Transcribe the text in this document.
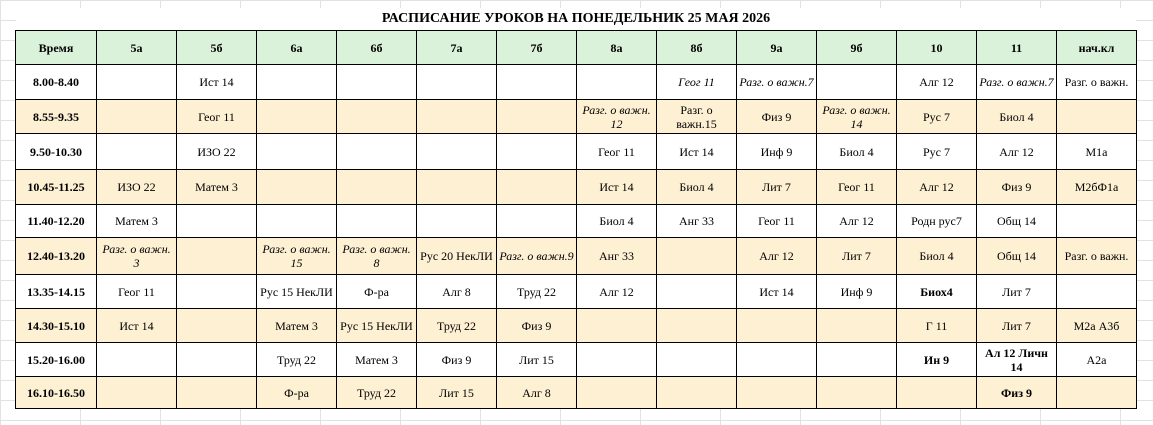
РАСПИСАНИЕ УРОКОВ НА ПОНЕДЕЛЬНИК 25 МАЯ 2026
Время	5а	5б	6а	6б	7а	7б	8а	8б	9а	9б	10	11	нач.кл
8.00-8.40		Ист 14						Геог 11	Разг. о важн.7		Алг 12	Разг. о важн.7	Разг. о важн.
8.55-9.35		Геог 11					Разг. о важн. 12	Разг. о важн.15	Физ 9	Разг. о важн. 14	Рус 7	Биол 4	
9.50-10.30		ИЗО 22					Геог 11	Ист 14	Инф 9	Биол 4	Рус 7	Алг 12	М1а
10.45-11.25	ИЗО 22	Матем 3					Ист 14	Биол 4	Лит 7	Геог 11	Алг 12	Физ 9	М2бФ1а
11.40-12.20	Матем 3						Биол 4	Анг 33	Геог 11	Алг 12	Родн рус7	Общ 14	
12.40-13.20	Разг. о важн. 3		Разг. о важн. 15	Разг. о важн. 8	Рус 20 НекЛИ	Разг. о важн.9	Анг 33		Алг 12	Лит 7	Биол 4	Общ 14	Разг. о важн.
13.35-14.15	Геог 11		Рус 15 НекЛИ	Ф-ра	Алг 8	Труд 22	Алг 12		Ист 14	Инф 9	Биох4	Лит 7	
14.30-15.10	Ист 14		Матем 3	Рус 15 НекЛИ	Труд 22	Физ 9					Г 11	Лит 7	М2а А3б
15.20-16.00			Труд 22	Матем 3	Физ 9	Лит 15					Ин 9	Ал 12 Личн 14	А2а
16.10-16.50			Ф-ра	Труд 22	Лит 15	Алг 8						Физ 9	
